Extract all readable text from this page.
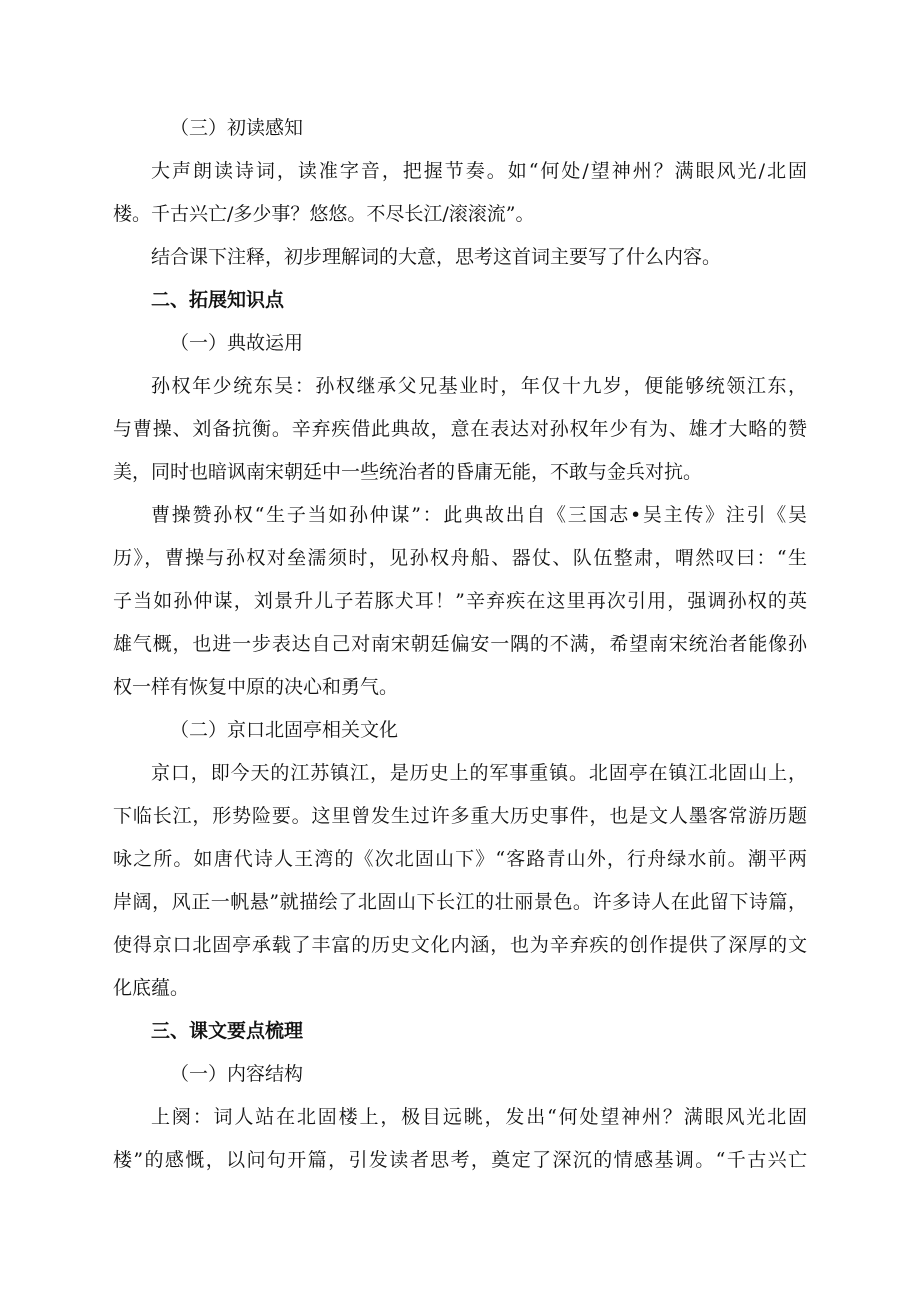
（三）初读感知
大声朗读诗词，读准字音，把握节奏。如“何处/望神州？满眼风光/北固
楼。千古兴亡/多少事？悠悠。不尽长江/滚滚流”。
结合课下注释，初步理解词的大意，思考这首词主要写了什么内容。
二、拓展知识点
（一）典故运用
孙权年少统东吴：孙权继承父兄基业时，年仅十九岁，便能够统领江东，
与曹操、刘备抗衡。辛弃疾借此典故，意在表达对孙权年少有为、雄才大略的赞
美，同时也暗讽南宋朝廷中一些统治者的昏庸无能，不敢与金兵对抗。
曹操赞孙权“生子当如孙仲谋”：此典故出自《三国志•吴主传》注引《吴
历》，曹操与孙权对垒濡须时，见孙权舟船、器仗、队伍整肃，喟然叹曰：“生
子当如孙仲谋，刘景升儿子若豚犬耳！”辛弃疾在这里再次引用，强调孙权的英
雄气概，也进一步表达自己对南宋朝廷偏安一隅的不满，希望南宋统治者能像孙
权一样有恢复中原的决心和勇气。
（二）京口北固亭相关文化
京口，即今天的江苏镇江，是历史上的军事重镇。北固亭在镇江北固山上，
下临长江，形势险要。这里曾发生过许多重大历史事件，也是文人墨客常游历题
咏之所。如唐代诗人王湾的《次北固山下》“客路青山外，行舟绿水前。潮平两
岸阔，风正一帆悬”就描绘了北固山下长江的壮丽景色。许多诗人在此留下诗篇，
使得京口北固亭承载了丰富的历史文化内涵，也为辛弃疾的创作提供了深厚的文
化底蕴。
三、课文要点梳理
（一）内容结构
上阕：词人站在北固楼上，极目远眺，发出“何处望神州？满眼风光北固
楼”的感慨，以问句开篇，引发读者思考，奠定了深沉的情感基调。“千古兴亡
